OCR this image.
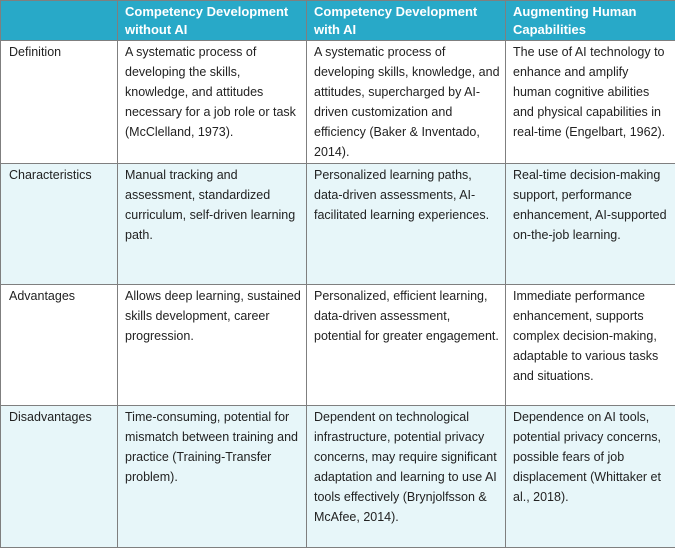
	Competency Development without AI	Competency Development with AI	Augmenting Human Capabilities
Definition	A systematic process of developing the skills, knowledge, and attitudes necessary for a job role or task (McClelland, 1973).	A systematic process of developing skills, knowledge, and attitudes, supercharged by AI-driven customization and efficiency (Baker & Inventado, 2014).	The use of AI technology to enhance and amplify human cognitive abilities and physical capabilities in real-time (Engelbart, 1962).
Characteristics	Manual tracking and assessment, standardized curriculum, self-driven learning path.	Personalized learning paths, data-driven assessments, AI-facilitated learning experiences.	Real-time decision-making support, performance enhancement, AI-supported on-the-job learning.
Advantages	Allows deep learning, sustained skills development, career progression.	Personalized, efficient learning, data-driven assessment, potential for greater engagement.	Immediate performance enhancement, supports complex decision-making, adaptable to various tasks and situations.
Disadvantages	Time-consuming, potential for mismatch between training and practice (Training-Transfer problem).	Dependent on technological infrastructure, potential privacy concerns, may require significant adaptation and learning to use AI tools effectively (Brynjolfsson & McAfee, 2014).	Dependence on AI tools, potential privacy concerns, possible fears of job displacement (Whittaker et al., 2018).
